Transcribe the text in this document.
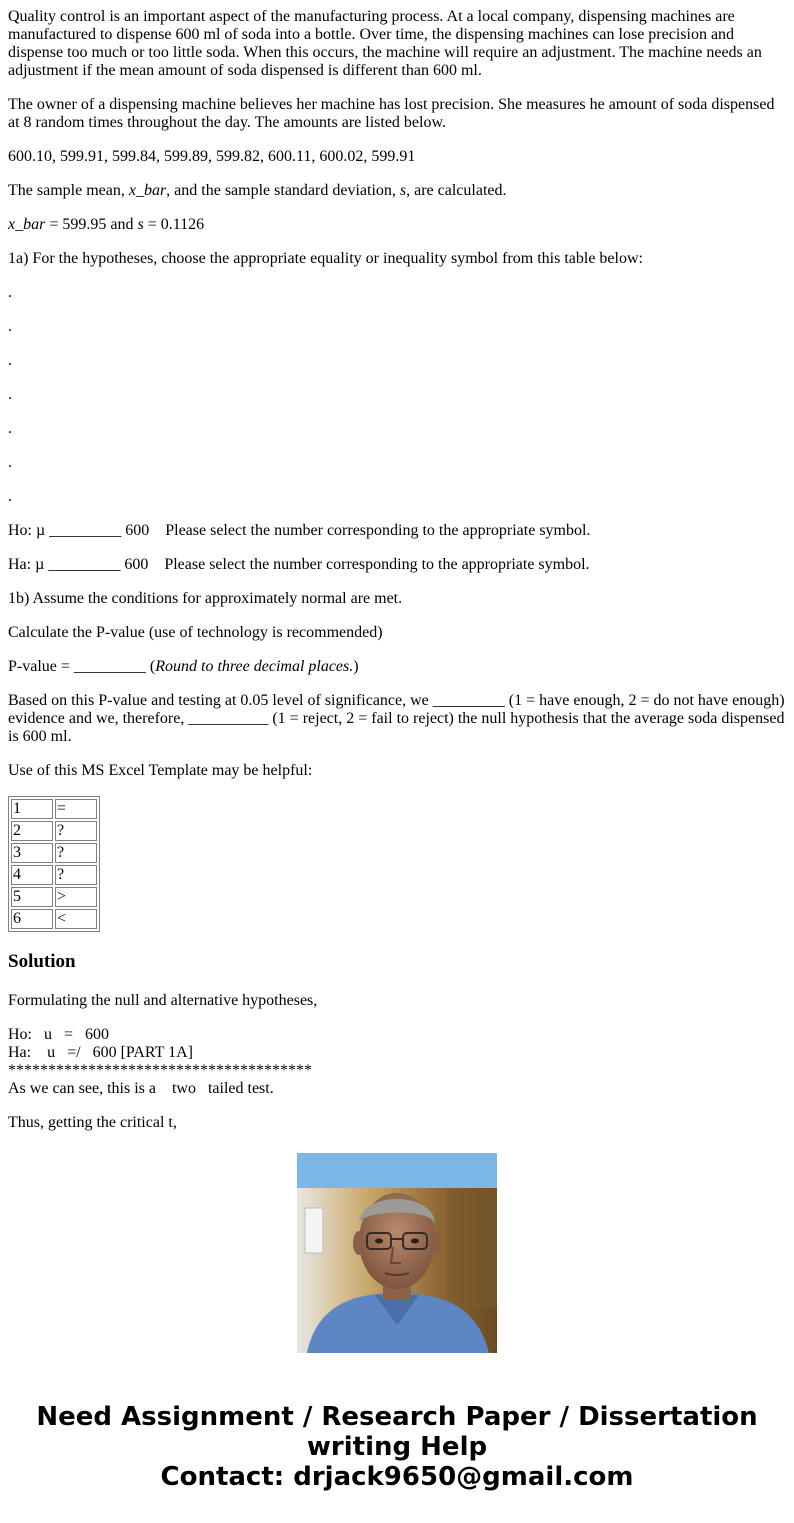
Quality control is an important aspect of the manufacturing process. At a local company, dispensing machines are manufactured to dispense 600 ml of soda into a bottle. Over time, the dispensing machines can lose precision and dispense too much or too little soda. When this occurs, the machine will require an adjustment. The machine needs an adjustment if the mean amount of soda dispensed is different than 600 ml.

The owner of a dispensing machine believes her machine has lost precision. She measures he amount of soda dispensed at 8 random times throughout the day. The amounts are listed below.

600.10, 599.91, 599.84, 599.89, 599.82, 600.11, 600.02, 599.91

The sample mean, x_bar, and the sample standard deviation, s, are calculated.

x_bar = 599.95 and s = 0.1126

1a) For the hypotheses, choose the appropriate equality or inequality symbol from this table below:

.

.

.

.

.

.

.

Ho: µ _________ 600    Please select the number corresponding to the appropriate symbol.

Ha: µ _________ 600    Please select the number corresponding to the appropriate symbol.

1b) Assume the conditions for approximately normal are met.

Calculate the P-value (use of technology is recommended)

P-value = _________ (Round to three decimal places.)

Based on this P-value and testing at 0.05 level of significance, we _________ (1 = have enough, 2 = do not have enough) evidence and we, therefore, __________ (1 = reject, 2 = fail to reject) the null hypothesis that the average soda dispensed is 600 ml.

Use of this MS Excel Template may be helpful:

1	=
2	?
3	?
4	?
5	>
6	<
Solution

Formulating the null and alternative hypotheses,

Ho:   u   =   600
Ha:    u   =/   600 [PART 1A]
**************************************
As we can see, this is a    two   tailed test.
Thus, getting the critical t,
Need Assignment / Research Paper / Dissertation
writing Help
Contact: drjack9650@gmail.com
